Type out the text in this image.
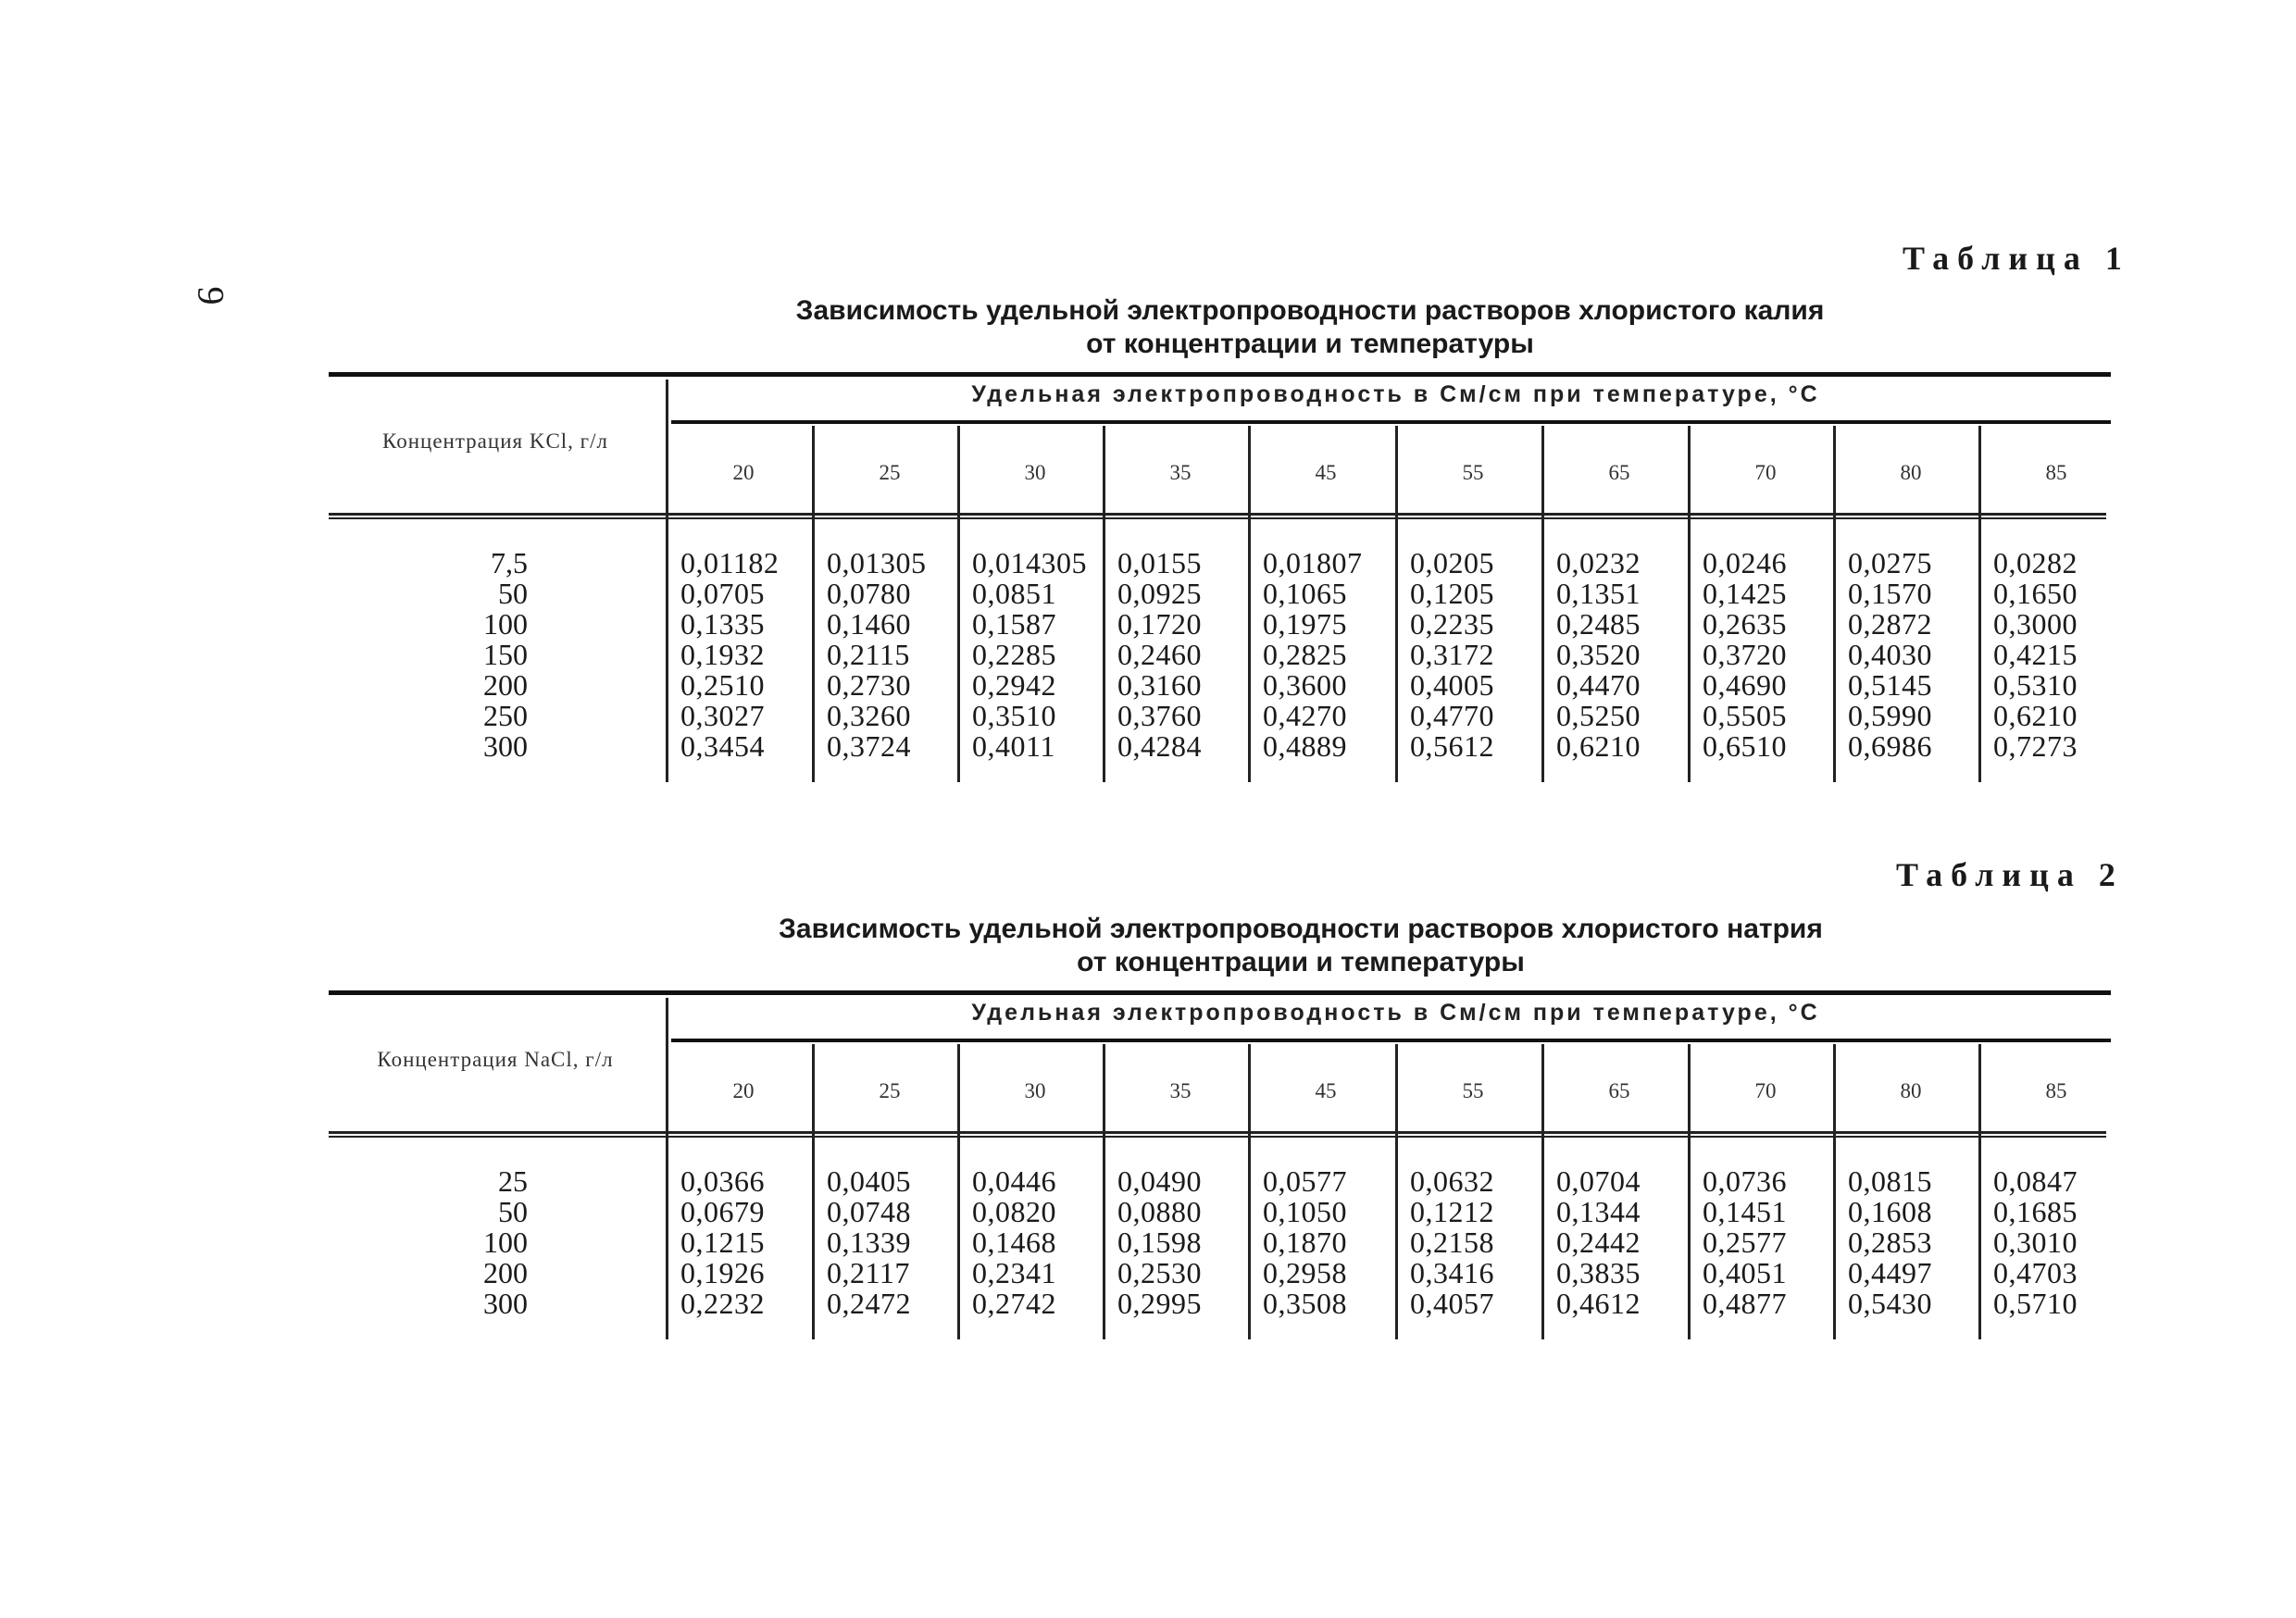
9
Таблица 1
Зависимость удельной электропроводности растворов хлористого калия
от концентрации и температуры
Концентрация KCl, г/л
Удельная электропроводность в См/см при температуре, °С
20	25	30	35	45	55	65	70	80	85
7,5	0,01182 0,01305 0,014305 0,0155 0,01807 0,0205 0,0232 0,0246 0,0275 0,0282
50	0,0705 0,0780 0,0851 0,0925 0,1065 0,1205 0,1351 0,1425 0,1570 0,1650
100	0,1335 0,1460 0,1587 0,1720 0,1975 0,2235 0,2485 0,2635 0,2872 0,3000
150	0,1932 0,2115 0,2285 0,2460 0,2825 0,3172 0,3520 0,3720 0,4030 0,4215
200	0,2510 0,2730 0,2942 0,3160 0,3600 0,4005 0,4470 0,4690 0,5145 0,5310
250	0,3027 0,3260 0,3510 0,3760 0,4270 0,4770 0,5250 0,5505 0,5990 0,6210
300	0,3454 0,3724 0,4011 0,4284 0,4889 0,5612 0,6210 0,6510 0,6986 0,7273
Таблица 2
Зависимость удельной электропроводности растворов хлористого натрия
от концентрации и температуры
Концентрация NaCl, г/л
Удельная электропроводность в См/см при температуре, °С
20	25	30	35	45	55	65	70	80	85
25	0,0366 0,0405 0,0446 0,0490 0,0577 0,0632 0,0704 0,0736 0,0815 0,0847
50	0,0679 0,0748 0,0820 0,0880 0,1050 0,1212 0,1344 0,1451 0,1608 0,1685
100	0,1215 0,1339 0,1468 0,1598 0,1870 0,2158 0,2442 0,2577 0,2853 0,3010
200	0,1926 0,2117 0,2341 0,2530 0,2958 0,3416 0,3835 0,4051 0,4497 0,4703
300	0,2232 0,2472 0,2742 0,2995 0,3508 0,4057 0,4612 0,4877 0,5430 0,5710
